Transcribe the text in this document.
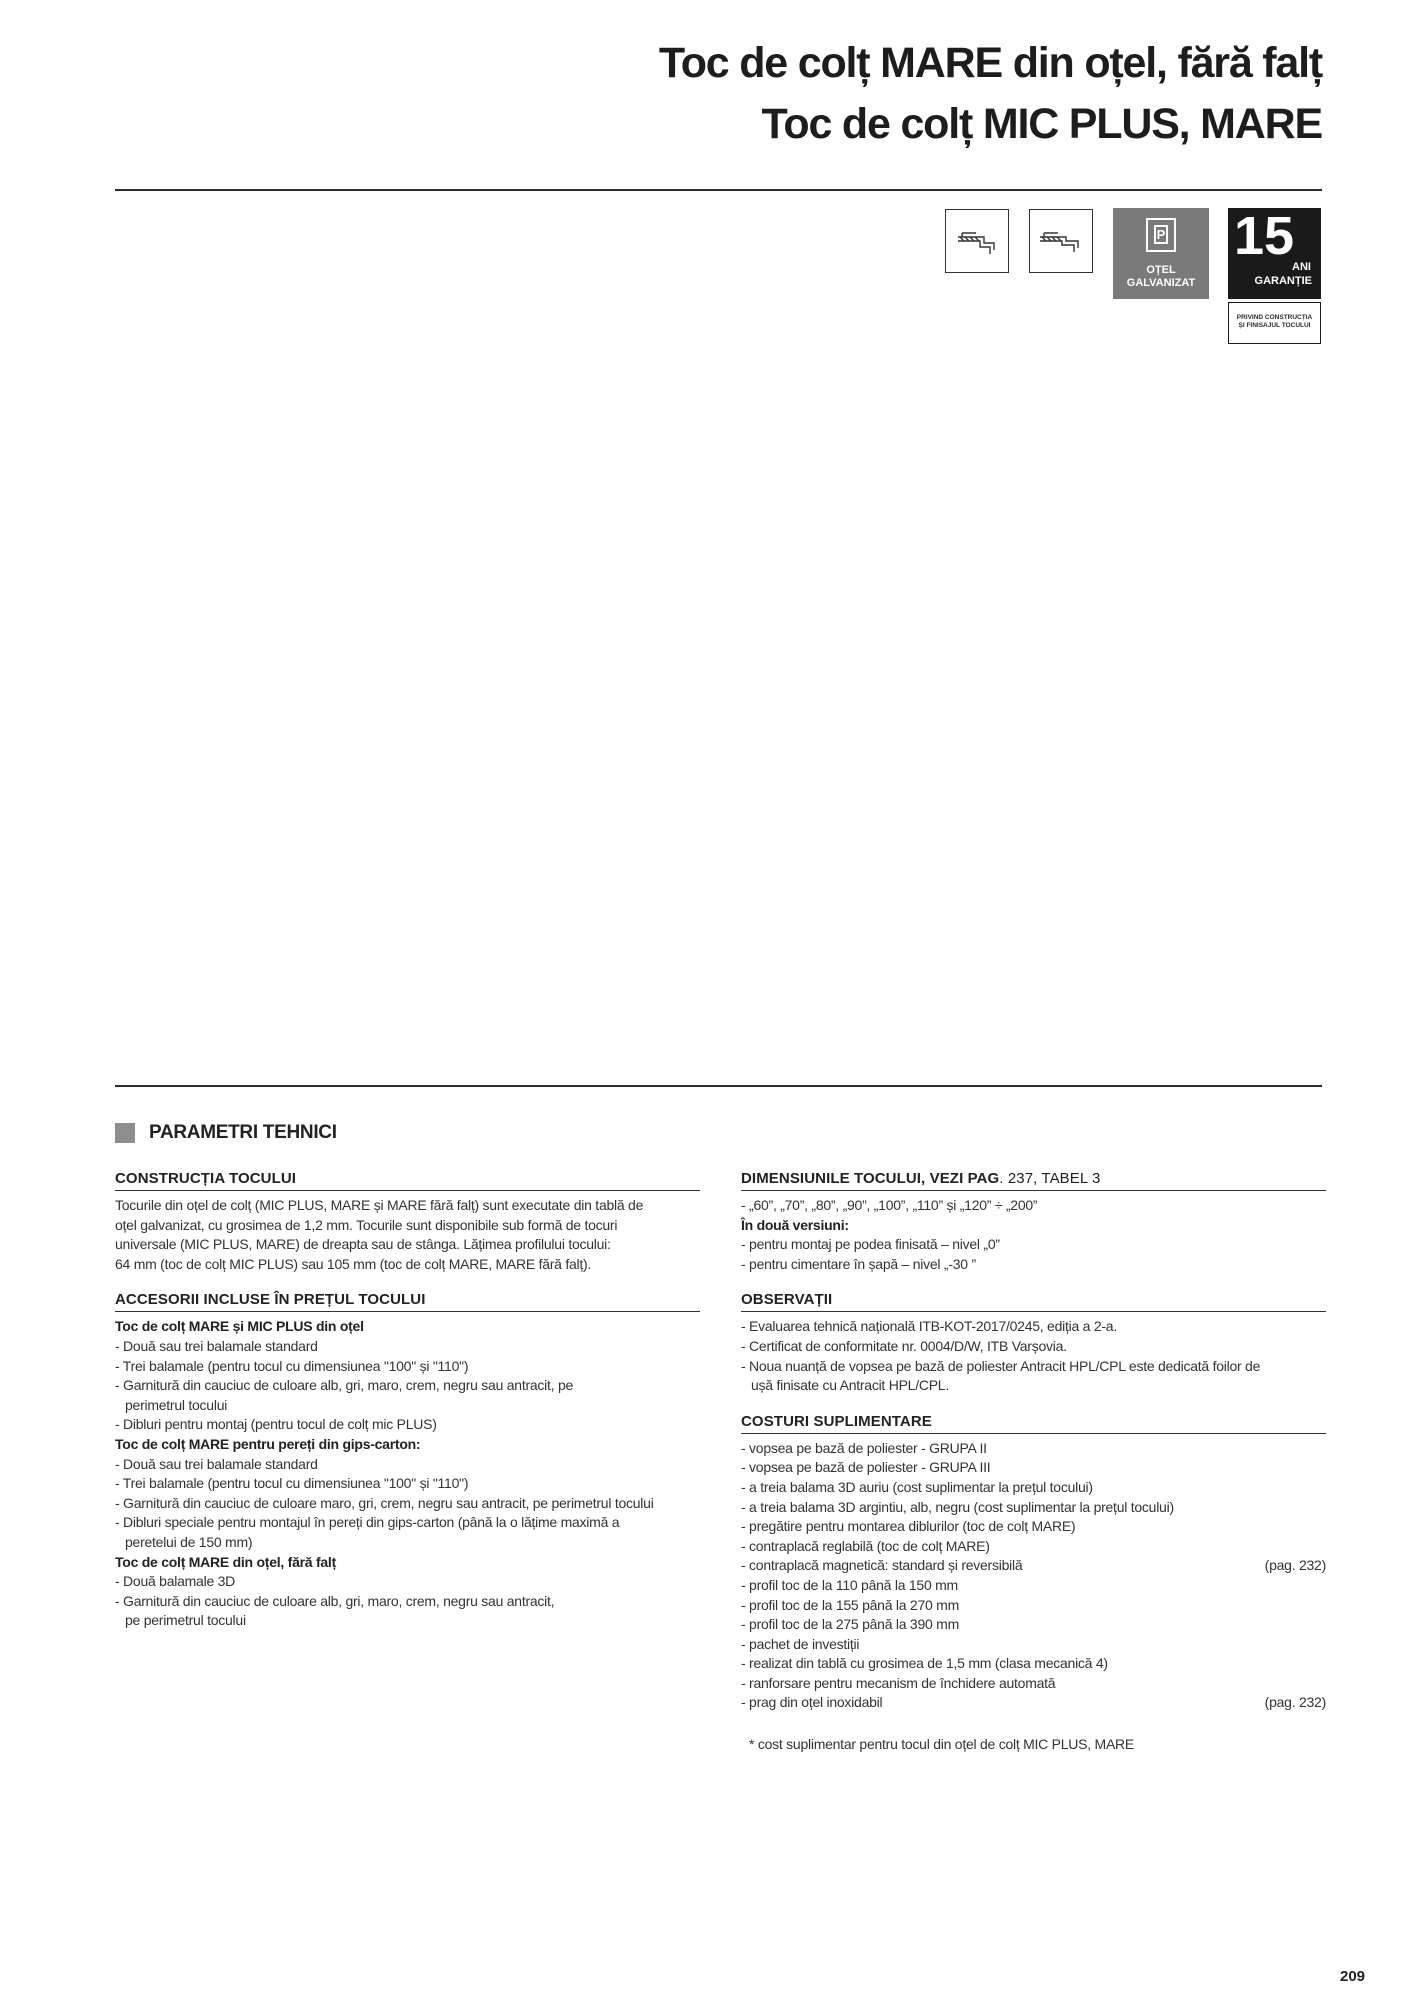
Toc de colț MARE din oțel, fără falț
Toc de colț MIC PLUS, MARE
P
OȚEL
GALVANIZAT
15
ANI
GARANȚIE
PRIVIND CONSTRUCȚIA
ȘI FINISAJUL TOCULUI
PARAMETRI TEHNICI
CONSTRUCȚIA TOCULUI
Tocurile din oțel de colț (MIC PLUS, MARE și MARE fără falț) sunt executate din tablă de
oțel galvanizat, cu grosimea de 1,2 mm. Tocurile sunt disponibile sub formă de tocuri
universale (MIC PLUS, MARE) de dreapta sau de stânga. Lățimea profilului tocului:
64 mm (toc de colț MIC PLUS) sau 105 mm (toc de colț MARE, MARE fără falț).
ACCESORII INCLUSE ÎN PREȚUL TOCULUI
Toc de colț MARE și MIC PLUS din oțel
- Două sau trei balamale standard
- Trei balamale (pentru tocul cu dimensiunea "100" și "110")
- Garnitură din cauciuc de culoare alb, gri, maro, crem, negru sau antracit, pe
perimetrul tocului
- Dibluri pentru montaj (pentru tocul de colț mic PLUS)
Toc de colț MARE pentru pereți din gips-carton:
- Două sau trei balamale standard
- Trei balamale (pentru tocul cu dimensiunea "100" și "110")
- Garnitură din cauciuc de culoare maro, gri, crem, negru sau antracit, pe perimetrul tocului
- Dibluri speciale pentru montajul în pereți din gips-carton (până la o lățime maximă a
peretelui de 150 mm)
Toc de colț MARE din oțel, fără falț
- Două balamale 3D
- Garnitură din cauciuc de culoare alb, gri, maro, crem, negru sau antracit,
pe perimetrul tocului
DIMENSIUNILE TOCULUI, VEZI PAG. 237, TABEL 3
- „60”, „70”, „80”, „90”, „100”, „110” și „120” ÷ „200”
În două versiuni:
- pentru montaj pe podea finisată – nivel „0”
- pentru cimentare în șapă – nivel „-30 ”
OBSERVAȚII
- Evaluarea tehnică națională ITB-KOT-2017/0245, ediția a 2-a.
- Certificat de conformitate nr. 0004/D/W, ITB Varșovia.
- Noua nuanță de vopsea pe bază de poliester Antracit HPL/CPL este dedicată foilor de
ușă finisate cu Antracit HPL/CPL.
COSTURI SUPLIMENTARE
- vopsea pe bază de poliester - GRUPA II
- vopsea pe bază de poliester - GRUPA III
- a treia balama 3D auriu (cost suplimentar la prețul tocului)
- a treia balama 3D argintiu, alb, negru (cost suplimentar la prețul tocului)
- pregătire pentru montarea diblurilor (toc de colț MARE)
- contraplacă reglabilă (toc de colț MARE)
- contraplacă magnetică: standard și reversibilă	(pag. 232)
- profil toc de la 110 până la 150 mm
- profil toc de la 155 până la 270 mm
- profil toc de la 275 până la 390 mm
- pachet de investiții
- realizat din tablă cu grosimea de 1,5 mm (clasa mecanică 4)
- ranforsare pentru mecanism de închidere automată
- prag din oțel inoxidabil	(pag. 232)
* cost suplimentar pentru tocul din oțel de colț MIC PLUS, MARE
209
